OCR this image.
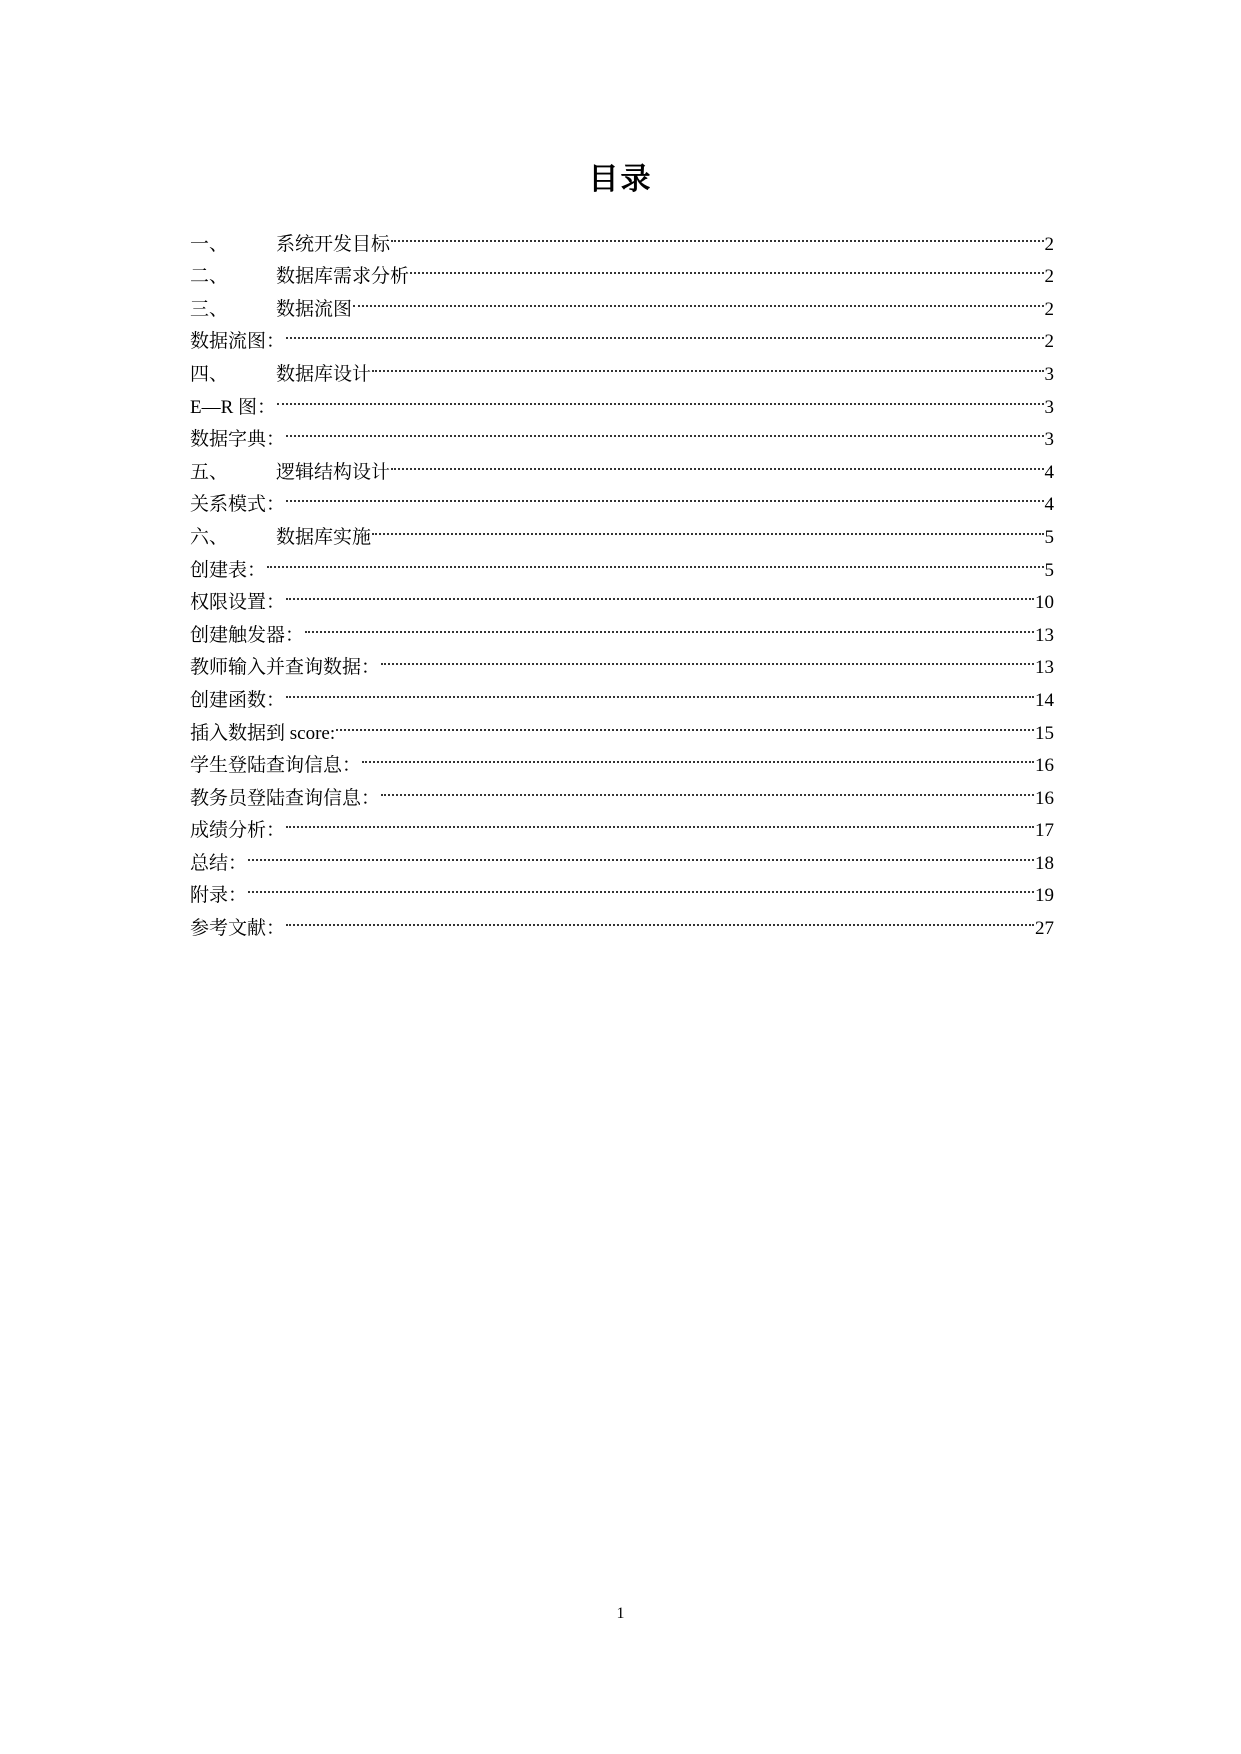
目录
一、	系统开发目标	2
二、	数据库需求分析	2
三、	数据流图	2
数据流图：	2
四、	数据库设计	3
E—R 图：	3
数据字典：	3
五、	逻辑结构设计	4
关系模式：	4
六、	数据库实施	5
创建表：	5
权限设置：	10
创建触发器：	13
教师输入并查询数据：	13
创建函数：	14
插入数据到 score:	15
学生登陆查询信息：	16
教务员登陆查询信息：	16
成绩分析：	17
总结：	18
附录：	19
参考文献：	27
1
